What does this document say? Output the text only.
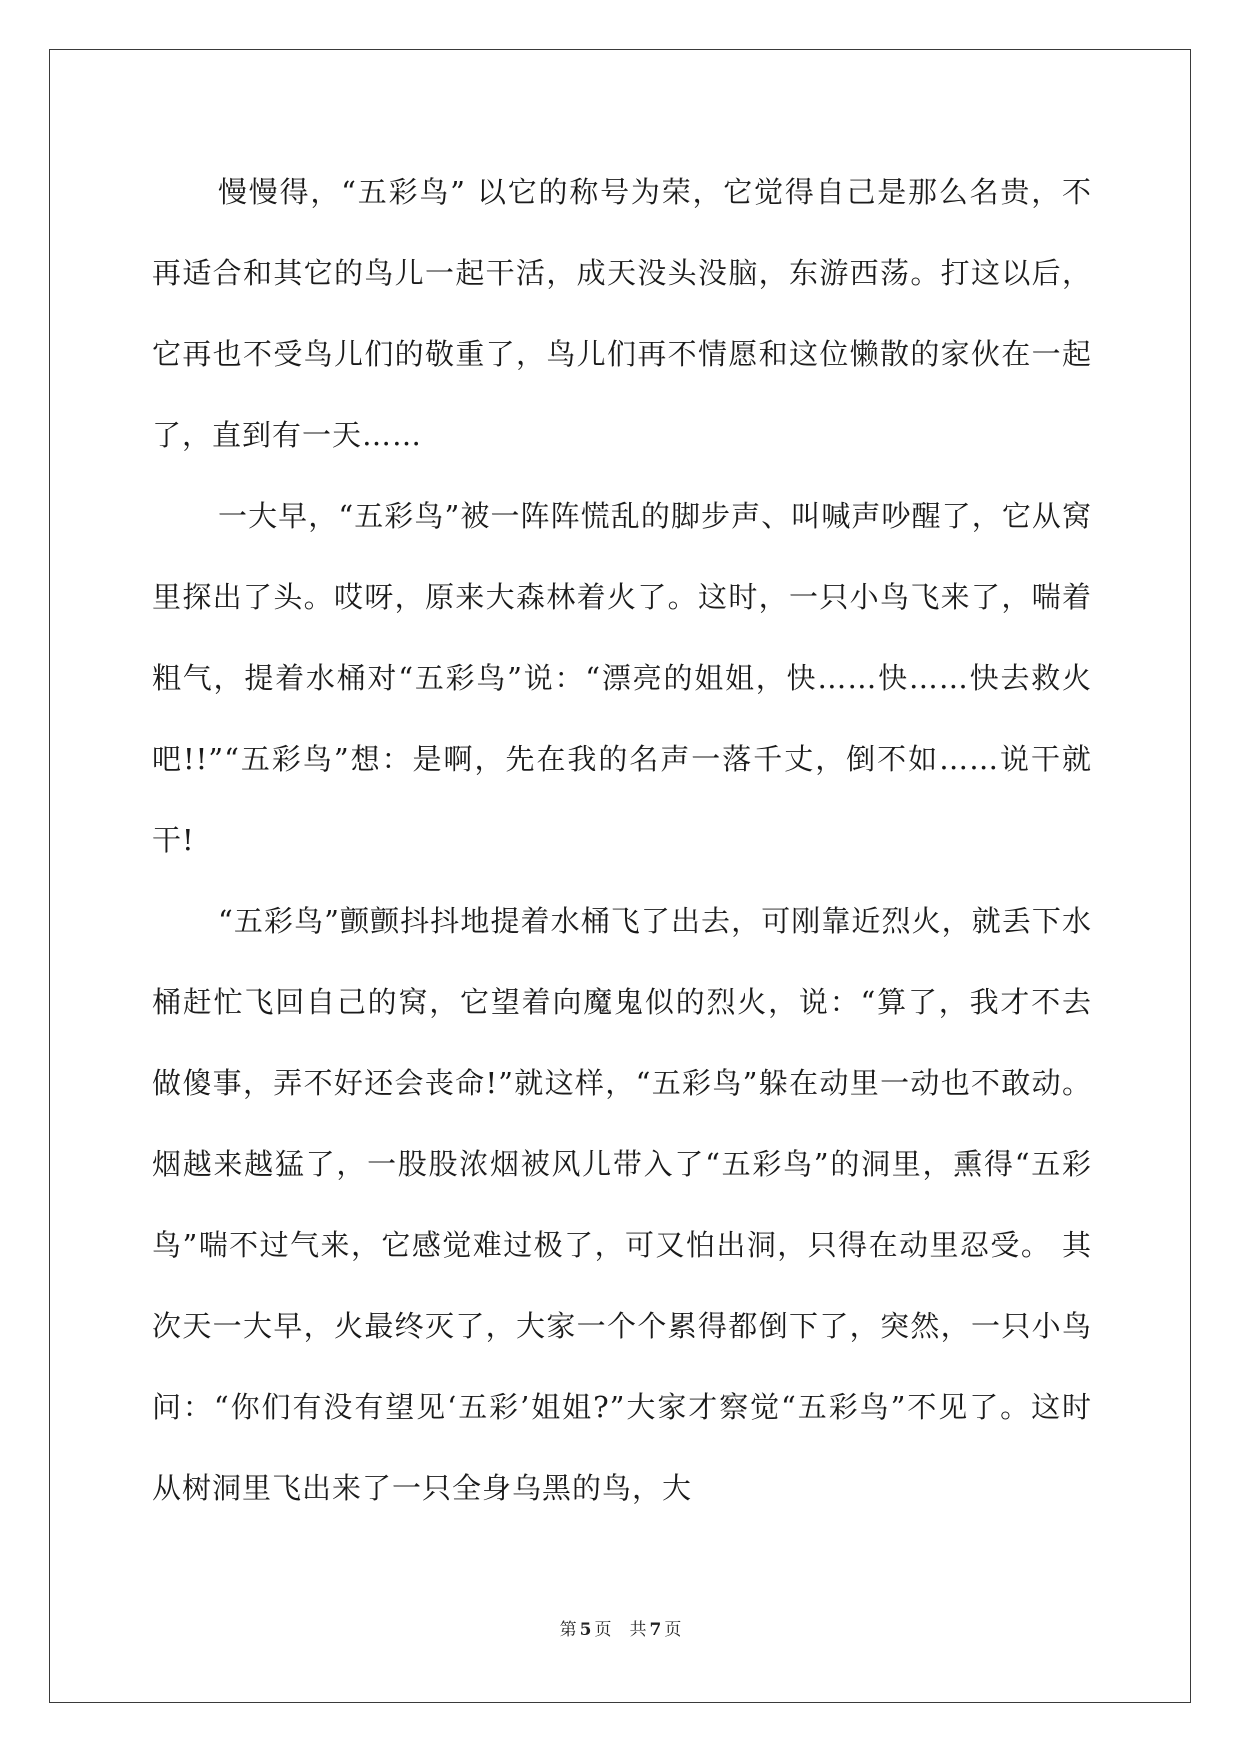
慢慢得，“五彩鸟” 以它的称号为荣，它觉得自己是那么名贵，不再适合和其它的鸟儿一起干活，成天没头没脑，东游西荡。打这以后，它再也不受鸟儿们的敬重了，鸟儿们再不情愿和这位懒散的家伙在一起了，直到有一天……

一大早，“五彩鸟”被一阵阵慌乱的脚步声、叫喊声吵醒了，它从窝里探出了头。哎呀，原来大森林着火了。这时，一只小鸟飞来了，喘着粗气，提着水桶对“五彩鸟”说：“漂亮的姐姐，快……快……快去救火吧!!”“五彩鸟”想：是啊，先在我的名声一落千丈，倒不如……说干就干!

“五彩鸟”颤颤抖抖地提着水桶飞了出去，可刚靠近烈火，就丢下水桶赶忙飞回自己的窝，它望着向魔鬼似的烈火，说：“算了，我才不去做傻事，弄不好还会丧命!”就这样，“五彩鸟”躲在动里一动也不敢动。 烟越来越猛了，一股股浓烟被风儿带入了“五彩鸟”的洞里，熏得“五彩鸟”喘不过气来，它感觉难过极了，可又怕出洞，只得在动里忍受。 其次天一大早，火最终灭了，大家一个个累得都倒下了，突然，一只小鸟问：“你们有没有望见‘五彩’姐姐?”大家才察觉“五彩鸟”不见了。这时从树洞里飞出来了一只全身乌黑的鸟，大

第 5 页 共 7 页
